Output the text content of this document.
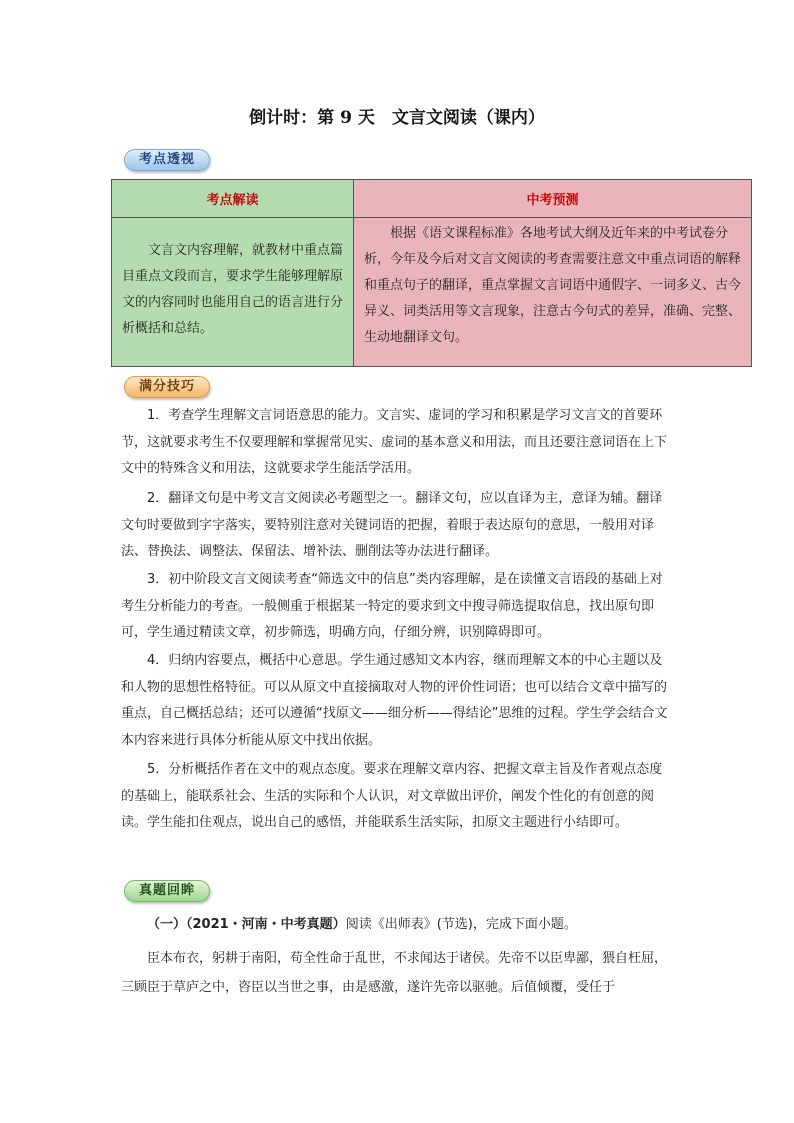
倒计时：第 9 天　文言文阅读（课内）
考点透视
考点解读	中考预测

文言文内容理解，就教材中重点篇目重点文段而言，要求学生能够理解原文的内容同时也能用自己的语言进行分析概括和总结。	根据《语文课程标准》各地考试大纲及近年来的中考试卷分析，今年及今后对文言文阅读的考查需要注意文中重点词语的解释和重点句子的翻译，重点掌握文言词语中通假字、一词多义、古今异义、词类活用等文言现象，注意古今句式的差异，准确、完整、生动地翻译文句。
满分技巧

1．考查学生理解文言词语意思的能力。文言实、虚词的学习和积累是学习文言文的首要环节，这就要求考生不仅要理解和掌握常见实、虚词的基本意义和用法，而且还要注意词语在上下文中的特殊含义和用法，这就要求学生能活学活用。

2．翻译文句是中考文言文阅读必考题型之一。翻译文句，应以直译为主，意译为辅。翻译文句时要做到字字落实，要特别注意对关键词语的把握，着眼于表达原句的意思，一般用对译法、替换法、调整法、保留法、增补法、删削法等办法进行翻译。

3．初中阶段文言文阅读考查“筛选文中的信息”类内容理解，是在读懂文言语段的基础上对考生分析能力的考查。一般侧重于根据某一特定的要求到文中搜寻筛选提取信息，找出原句即可，学生通过精读文章，初步筛选，明确方向，仔细分辨，识别障碍即可。

4．归纳内容要点，概括中心意思。学生通过感知文本内容，继而理解文本的中心主题以及和人物的思想性格特征。可以从原文中直接摘取对人物的评价性词语；也可以结合文章中描写的重点，自己概括总结；还可以遵循“找原文——细分析——得结论”思维的过程。学生学会结合文本内容来进行具体分析能从原文中找出依据。

5．分析概括作者在文中的观点态度。要求在理解文章内容、把握文章主旨及作者观点态度的基础上，能联系社会、生活的实际和个人认识，对文章做出评价，阐发个性化的有创意的阅读。学生能扣住观点，说出自己的感悟，并能联系生活实际，扣原文主题进行小结即可。

真题回眸

（一）（2021・河南・中考真题）阅读《出师表》(节选)，完成下面小题。

臣本布衣，躬耕于南阳，苟全性命于乱世，不求闻达于诸侯。先帝不以臣卑鄙，猥自枉屈，三顾臣于草庐之中，咨臣以当世之事，由是感激，遂许先帝以驱驰。后值倾覆，受任于
